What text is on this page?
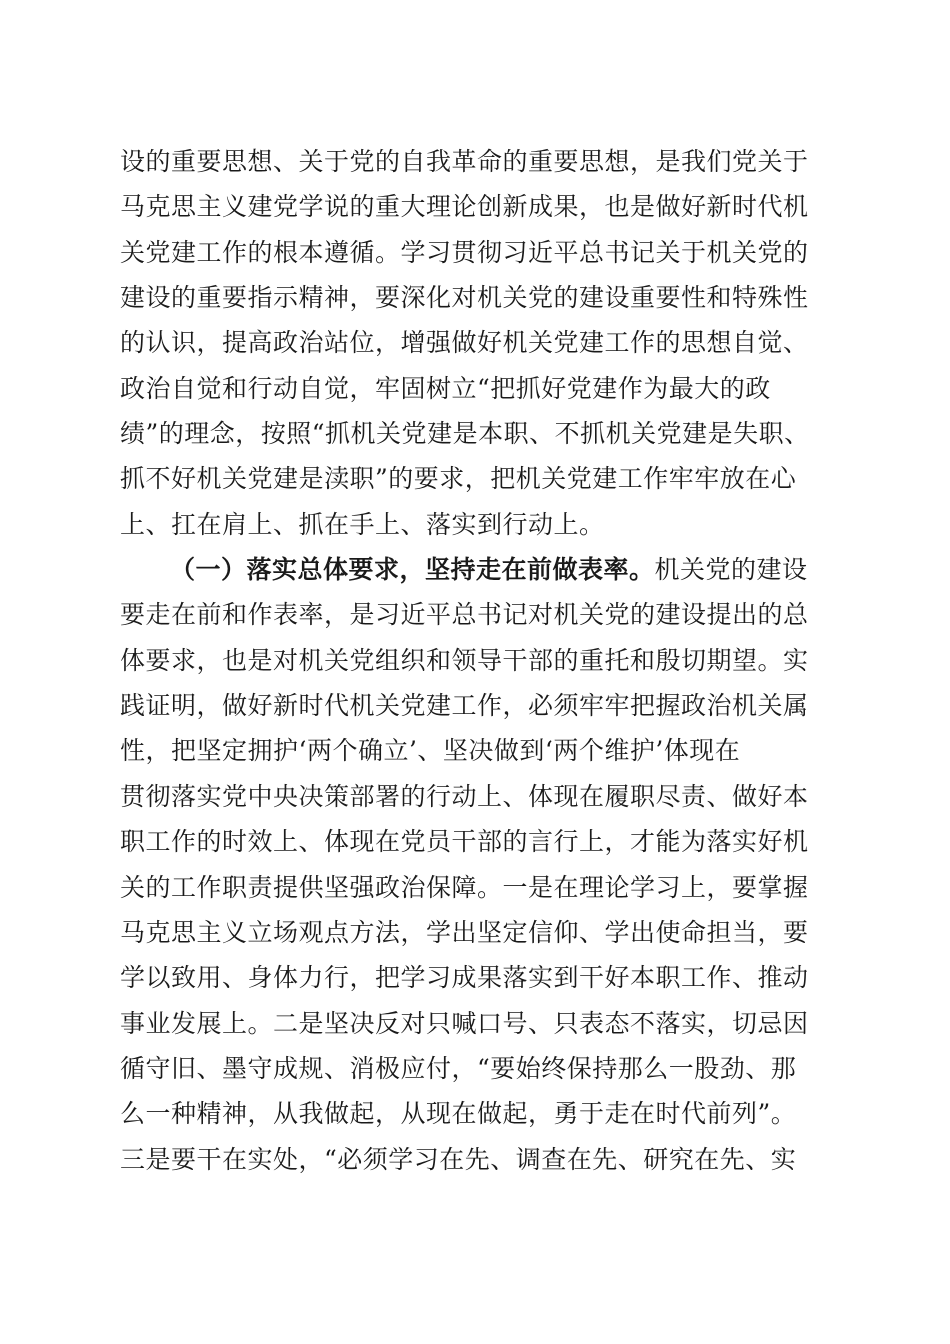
设的重要思想、关于党的自我革命的重要思想，是我们党关于
马克思主义建党学说的重大理论创新成果，也是做好新时代机
关党建工作的根本遵循。学习贯彻习近平总书记关于机关党的
建设的重要指示精神，要深化对机关党的建设重要性和特殊性
的认识，提高政治站位，增强做好机关党建工作的思想自觉、
政治自觉和行动自觉，牢固树立“把抓好党建作为最大的政
绩”的理念，按照“抓机关党建是本职、不抓机关党建是失职、
抓不好机关党建是渎职”的要求，把机关党建工作牢牢放在心
上、扛在肩上、抓在手上、落实到行动上。
（一）落实总体要求，坚持走在前做表率。机关党的建设
要走在前和作表率，是习近平总书记对机关党的建设提出的总
体要求，也是对机关党组织和领导干部的重托和殷切期望。实
践证明，做好新时代机关党建工作，必须牢牢把握政治机关属
性，把坚定拥护‘两个确立’、坚决做到‘两个维护’体现在
贯彻落实党中央决策部署的行动上、体现在履职尽责、做好本
职工作的时效上、体现在党员干部的言行上，才能为落实好机
关的工作职责提供坚强政治保障。一是在理论学习上，要掌握
马克思主义立场观点方法，学出坚定信仰、学出使命担当，要
学以致用、身体力行，把学习成果落实到干好本职工作、推动
事业发展上。二是坚决反对只喊口号、只表态不落实，切忌因
循守旧、墨守成规、消极应付，“要始终保持那么一股劲、那
么一种精神，从我做起，从现在做起，勇于走在时代前列”。
三是要干在实处，“必须学习在先、调查在先、研究在先、实
